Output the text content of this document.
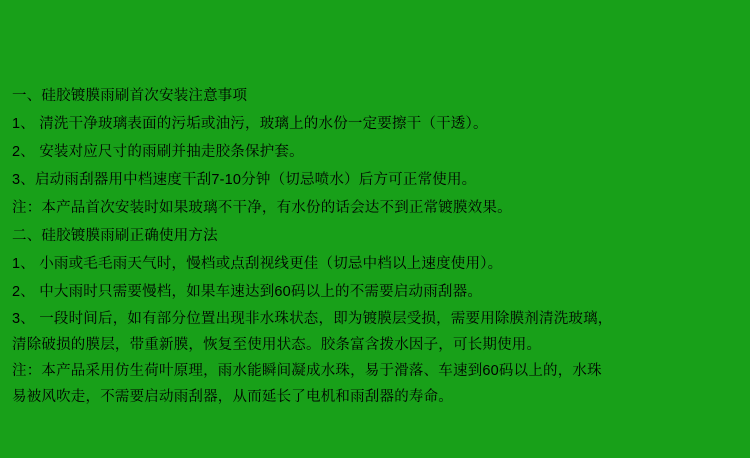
一、硅胶镀膜雨刷首次安装注意事项
1、 清洗干净玻璃表面的污垢或油污，玻璃上的水份一定要擦干（干透）。
2、 安装对应尺寸的雨刷并抽走胶条保护套。
3、启动雨刮器用中档速度干刮7-10分钟（切忌喷水）后方可正常使用。
注：本产品首次安装时如果玻璃不干净，有水份的话会达不到正常镀膜效果。
二、硅胶镀膜雨刷正确使用方法
1、 小雨或毛毛雨天气时，慢档或点刮视线更佳（切忌中档以上速度使用）。
2、 中大雨时只需要慢档，如果车速达到60码以上的不需要启动雨刮器。
3、 一段时间后，如有部分位置出现非水珠状态，即为镀膜层受损，需要用除膜剂清洗玻璃，
清除破损的膜层，带重新膜，恢复至使用状态。胶条富含拨水因子，可长期使用。
注：本产品采用仿生荷叶原理，雨水能瞬间凝成水珠，易于滑落、车速到60码以上的，水珠
易被风吹走，不需要启动雨刮器，从而延长了电机和雨刮器的寿命。
